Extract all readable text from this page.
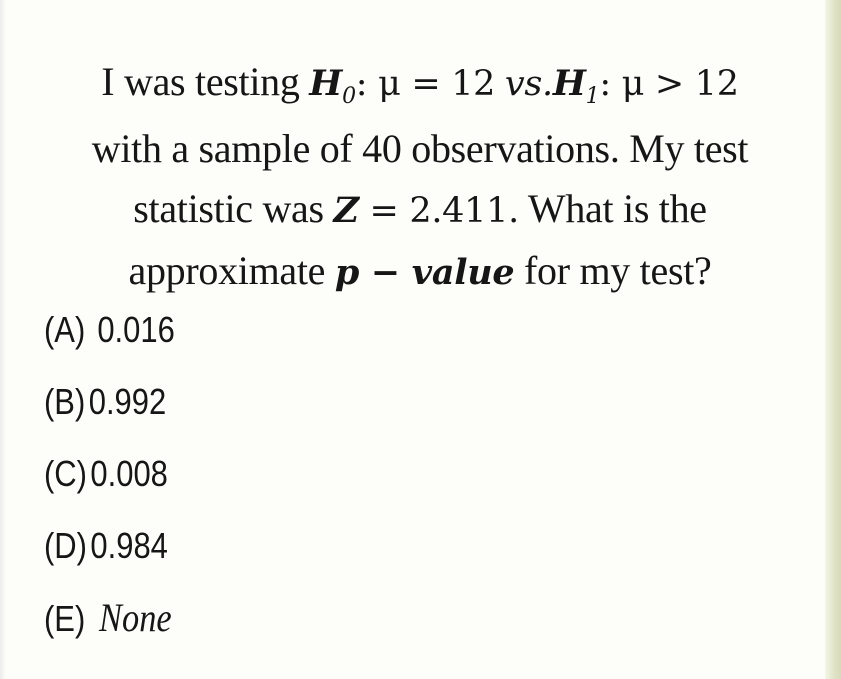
I was testing $H_0$: μ = 12 $vs.H_1$: μ > 12
with a sample of 40 observations. My test
statistic was Z = 2.411. What is the
approximate p − value for my test?
(A) 0.016
(B)0.992
(C)0.008
(D)0.984
(E) None
